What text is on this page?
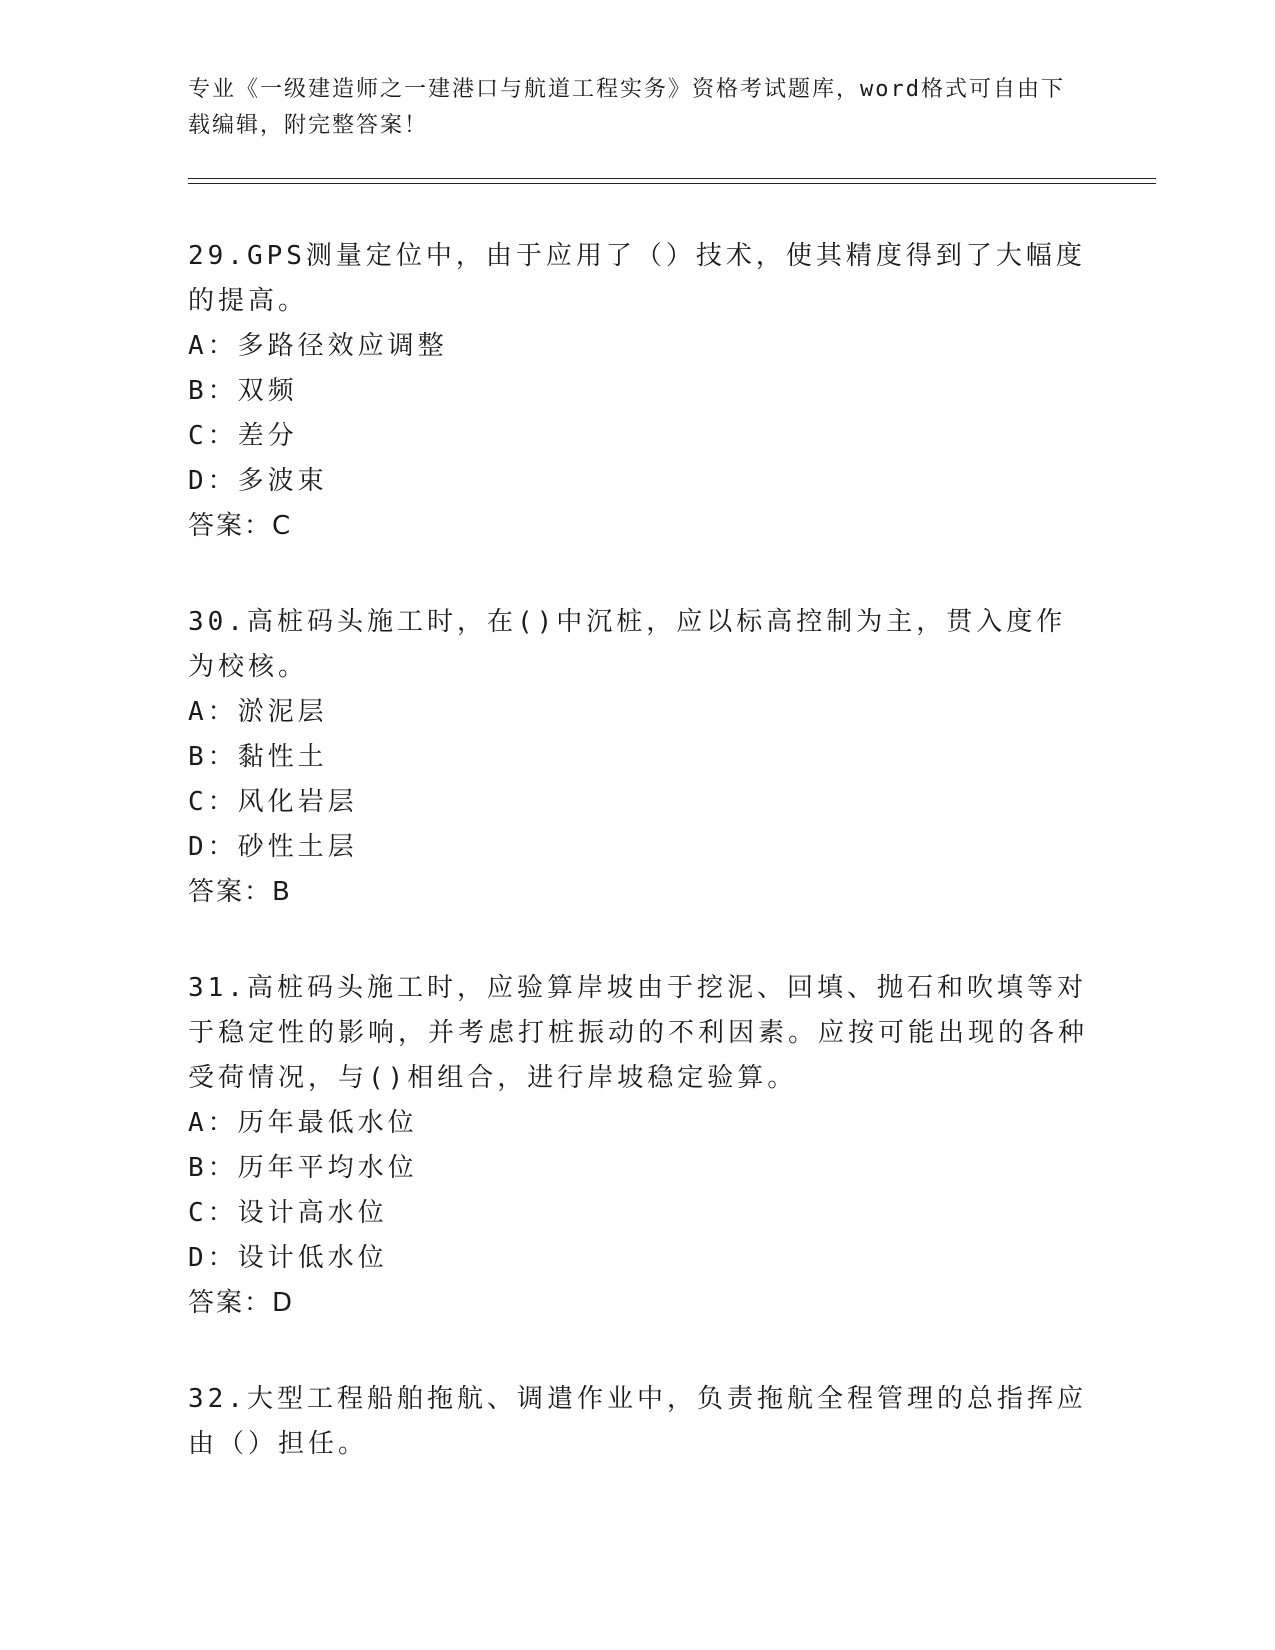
专业《一级建造师之一建港口与航道工程实务》资格考试题库，word格式可自由下载编辑，附完整答案！
29.GPS测量定位中，由于应用了（）技术，使其精度得到了大幅度的提高。
A：多路径效应调整
B：双频
C：差分
D：多波束
答案：C
30.高桩码头施工时，在()中沉桩，应以标高控制为主，贯入度作为校核。
A：淤泥层
B：黏性土
C：风化岩层
D：砂性土层
答案：B
31.高桩码头施工时，应验算岸坡由于挖泥、回填、抛石和吹填等对于稳定性的影响，并考虑打桩振动的不利因素。应按可能出现的各种受荷情况，与()相组合，进行岸坡稳定验算。
A：历年最低水位
B：历年平均水位
C：设计高水位
D：设计低水位
答案：D
32.大型工程船舶拖航、调遣作业中，负责拖航全程管理的总指挥应由（）担任。
